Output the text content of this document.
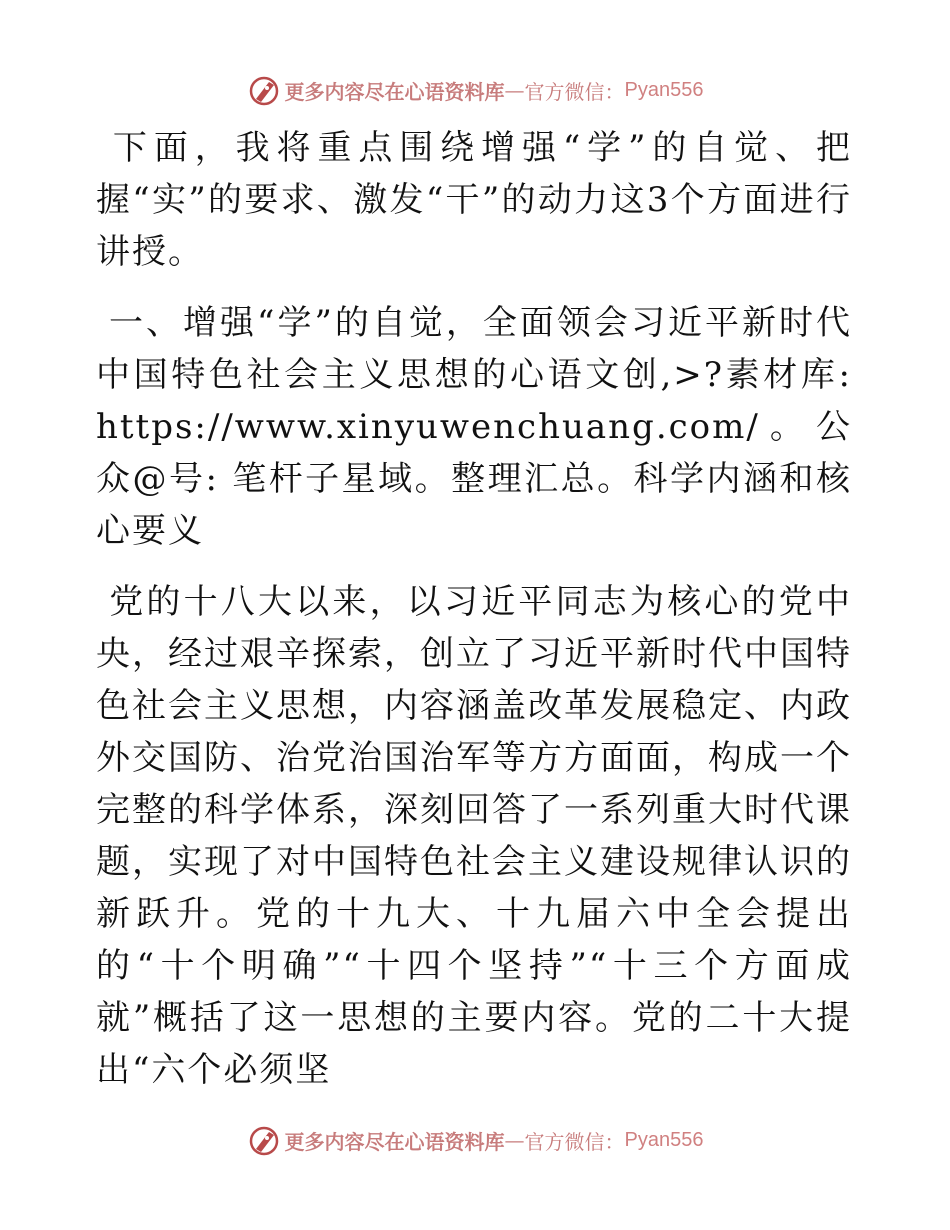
更多内容尽在心语资料库 — 官方微信： Pyan556

下面，我将重点围绕增强“学”的自觉、把握“实”的要求、激发“干”的动力这3个方面进行讲授。

一、增强“学”的自觉，全面领会习近平新时代中国特色社会主义思想的心语文创,>?素材库: https://www.xinyuwenchuang.com/。公众@号: 笔杆子星域。整理汇总。科学内涵和核心要义

党的十八大以来，以习近平同志为核心的党中央，经过艰辛探索，创立了习近平新时代中国特色社会主义思想，内容涵盖改革发展稳定、内政外交国防、治党治国治军等方方面面，构成一个完整的科学体系，深刻回答了一系列重大时代课题，实现了对中国特色社会主义建设规律认识的新跃升。党的十九大、十九届六中全会提出的“十个明确”“十四个坚持”“十三个方面成就”概括了这一思想的主要内容。党的二十大提出“六个必须坚

更多内容尽在心语资料库 — 官方微信： Pyan556
